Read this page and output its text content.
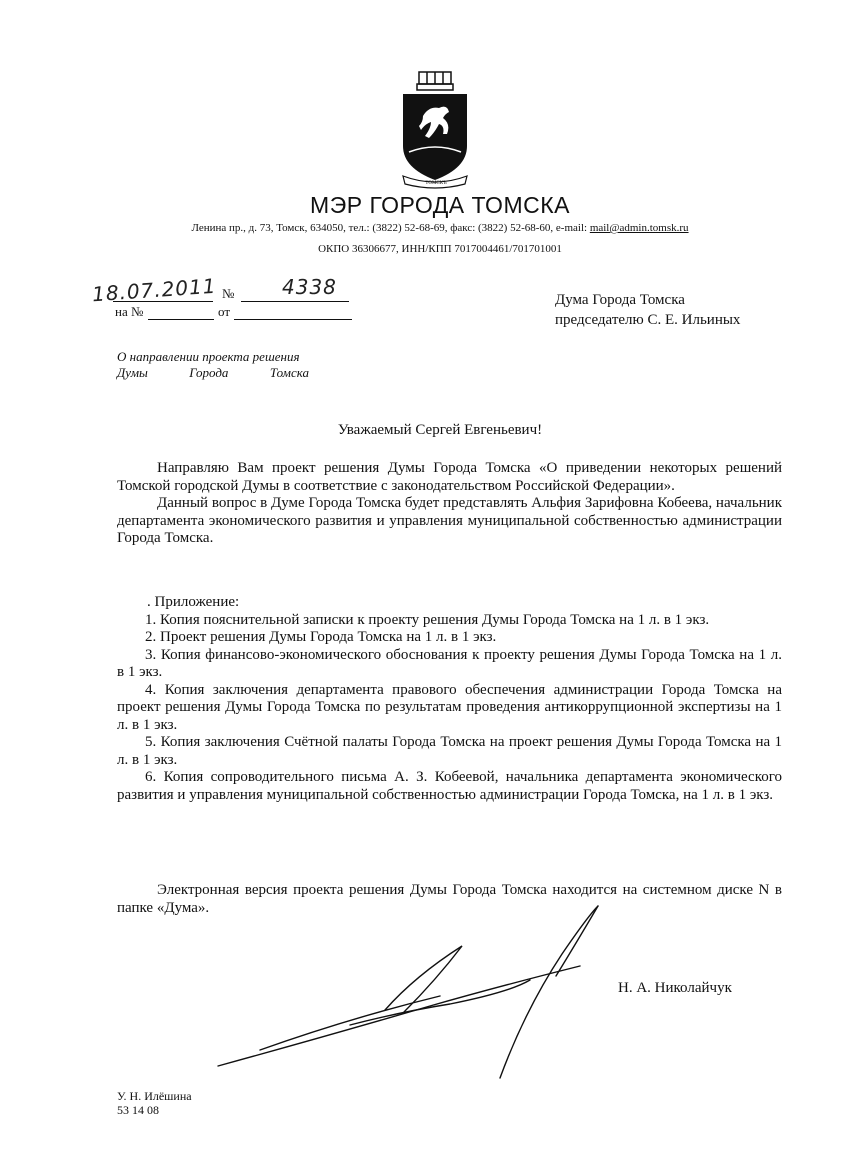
ТОМСКЪ
МЭР ГОРОДА ТОМСКА
Ленина пр., д. 73, Томск, 634050, тел.: (3822) 52-68-69, факс: (3822) 52-68-60, e-mail: mail@admin.tomsk.ru
ОКПО 36306677, ИНН/КПП 7017004461/701701001
18.07.2011 № 4338
на №	от
Дума Города Томска
председателю С. Е. Ильиных
О направлении проекта решения
Думы	Города	Томска
Уважаемый Сергей Евгеньевич!

Направляю Вам проект решения Думы Города Томска «О приведении некоторых решений Томской городской Думы в соответствие с законодательством Российской Федерации».

Данный вопрос в Думе Города Томска будет представлять Альфия Зарифовна Кобеева, начальник департамента экономического развития и управления муниципальной собственностью администрации Города Томска.

. Приложение:

1. Копия пояснительной записки к проекту решения Думы Города Томска на 1 л. в 1 экз.

2. Проект решения Думы Города Томска на 1 л. в 1 экз.

3. Копия финансово-экономического обоснования к проекту решения Думы Города Томска на 1 л. в 1 экз.

4. Копия заключения департамента правового обеспечения администрации Города Томска на проект решения Думы Города Томска по результатам проведения антикоррупционной экспертизы на 1 л. в 1 экз.

5. Копия заключения Счётной палаты Города Томска на проект решения Думы Города Томска на 1 л. в 1 экз.

6. Копия сопроводительного письма А. З. Кобеевой, начальника департамента экономического развития и управления муниципальной собственностью администрации Города Томска, на 1 л. в 1 экз.

Электронная версия проекта решения Думы Города Томска находится на системном диске N в папке «Дума».

Н. А. Николайчук
У. Н. Илёшина
53 14 08
